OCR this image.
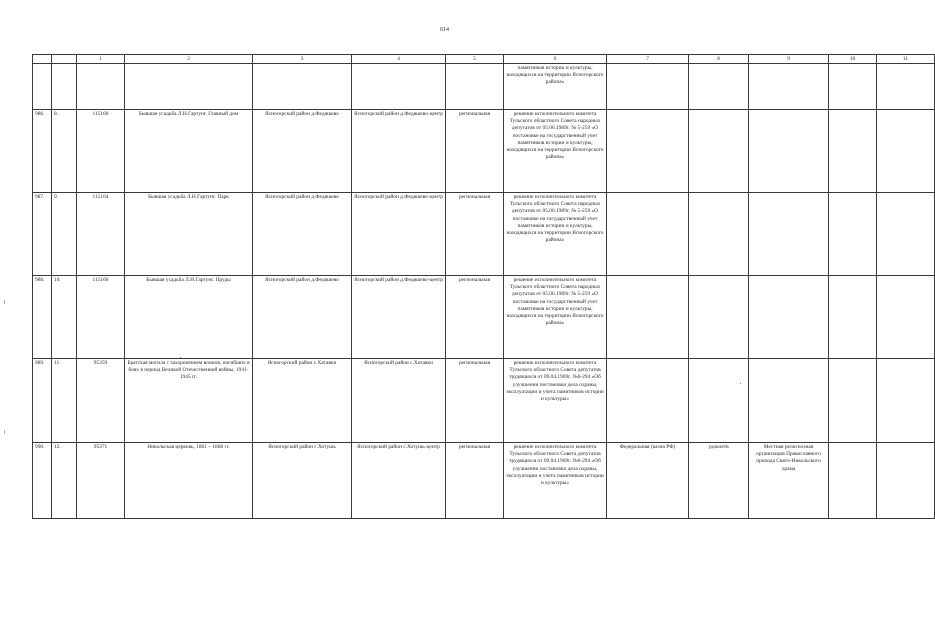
614
		1	2	3	4	5	6	7	8	9	10	11
							памятников истории и культуры, находящихся на территории Ясногорского района»					
986.	8.	115160	Бывшая усадьба Л.Н.Гартунг. Главный дом	Ясногорский район д.Федяшево	Ясногорский район д.Федяшево-центр	региональная	решение исполнительного комитета Тульского областного Совета народных депутатов от 05.06.1989г. № 5-259 «О постановке на государственный учет памятников истории и культуры, находящихся на территории Ясногорского района»					
987.	9.	115164	Бывшая усадьба Л.Н.Гартунг. Парк	Ясногорский район д.Федяшево	Ясногорский район д.Федяшево-центр	региональная	решение исполнительного комитета Тульского областного Совета народных депутатов от 05.06.1989г. № 5-259 «О постановке на государственный учет памятников истории и культуры, находящихся на территории Ясногорского района»					
988.	10.	115166	Бывшая усадьба Л.Н.Гартунг. Пруды	Ясногорский район д.Федяшево	Ясногорский район д.Федяшево-центр	региональная	решение исполнительного комитета Тульского областного Совета народных депутатов от 05.06.1989г. № 5-259 «О постановке на государственный учет памятников истории и культуры, находящихся на территории Ясногорского района»					
989.	11.	95359	Братская могила с захоронением воинов, погибших в боях в период Великой Отечественной войны, 1941-1945 гг.	Ясногорский район с.Хатавки	Ясногорский район с.Хатавки	региональная	решение исполнительного комитета Тульского областного Совета депутатов трудящихся от 09.04.1969г. №6-294 «Об улучшении постановки дела охраны, эксплуатации и учета памятников истории и культуры»					
990.	12.	95371	Никольская церковь, 1861 – 1868 гг.	Ясногорский район с.Хотушь	Ясногорский район с.Хотушь-центр	региональная	решение исполнительного комитета Тульского областного Совета депутатов трудящихся от 09.04.1969г. №6-294 «Об улучшении постановки дела охраны, эксплуатации и учета памятников истории и культуры»	Федеральная (казна РФ)	удовлетв	Местная религиозная организация Православного прихода Свято-Никольского храма		
